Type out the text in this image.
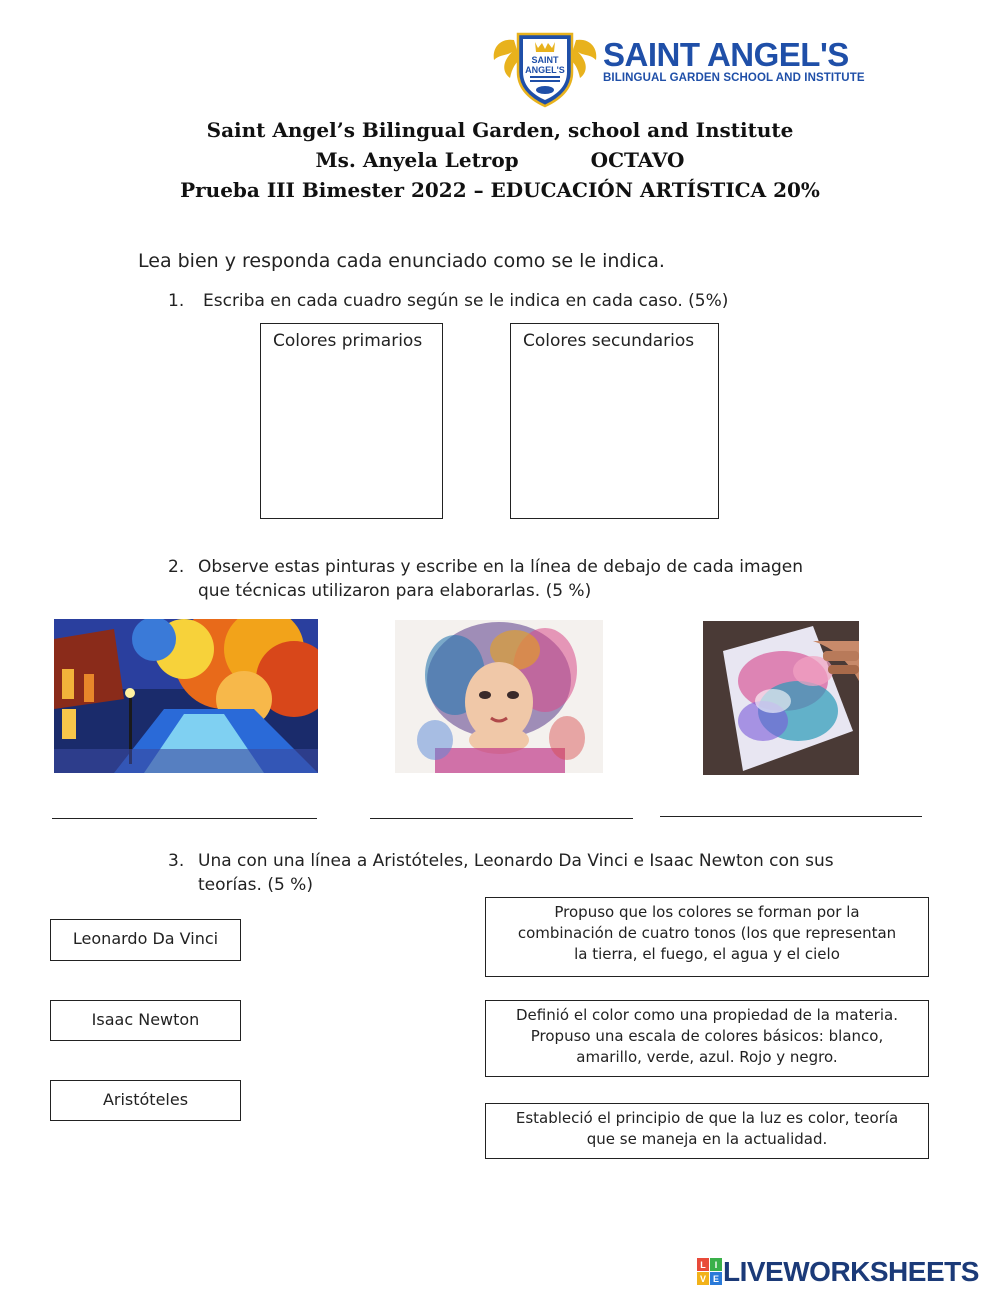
SAINT
ANGEL'S SAINT ANGEL'S
BILINGUAL GARDEN SCHOOL AND INSTITUTE
Saint Angel’s Bilingual Garden, school and Institute
Ms. Anyela Letrop	OCTAVO
Prueba III Bimester 2022 – EDUCACIÓN ARTÍSTICA 20%
Lea bien y responda cada enunciado como se le indica.
1. Escriba en cada cuadro según se le indica en cada caso. (5%)
Colores primarios	Colores secundarios
2. Observe estas pinturas y escribe en la línea de debajo de cada imagen
que técnicas utilizaron para elaborarlas. (5 %)
3. Una con una línea a Aristóteles, Leonardo Da Vinci e Isaac Newton con sus
teorías. (5 %)
Leonardo Da Vinci
Isaac Newton
Aristóteles
Propuso que los colores se forman por la
combinación de cuatro tonos (los que representan
la tierra, el fuego, el agua y el cielo
Definió el color como una propiedad de la materia.
Propuso una escala de colores básicos: blanco,
amarillo, verde, azul. Rojo y negro.
Estableció el principio de que la luz es color, teoría
que se maneja en la actualidad.
L I
V E LIVEWORKSHEETS
